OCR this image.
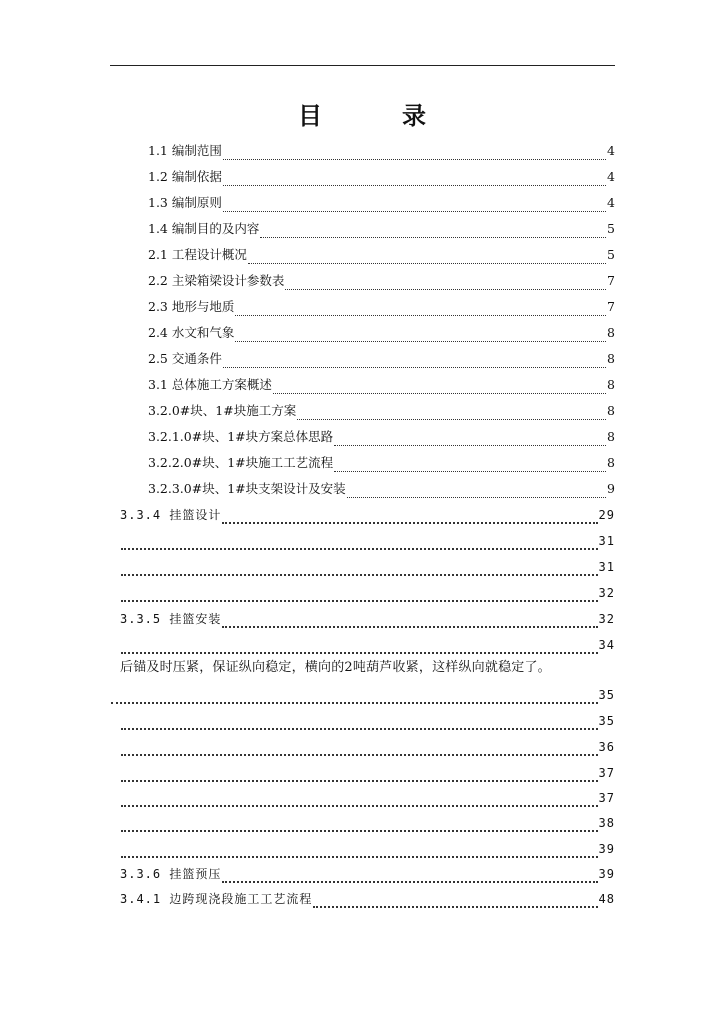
目　录
1.1 编制范围	4
1.2 编制依据	4
1.3 编制原则	4
1.4 编制目的及内容	5
2.1 工程设计概况	5
2.2 主梁箱梁设计参数表	7
2.3 地形与地质	7
2.4 水文和气象	8
2.5 交通条件	8
3.1 总体施工方案概述	8
3.2.0#块、1#块施工方案	8
3.2.1.0#块、1#块方案总体思路	8
3.2.2.0#块、1#块施工工艺流程	8
3.2.3.0#块、1#块支架设计及安装	9
3.3.4 挂篮设计	29
31
31
32
3.3.5 挂篮安装	32
34
后锚及时压紧，保证纵向稳定，横向的2吨葫芦收紧，这样纵向就稳定了。
35
35
36
37
37
38
39
3.3.6 挂篮预压	39
3.4.1 边跨现浇段施工工艺流程	48
